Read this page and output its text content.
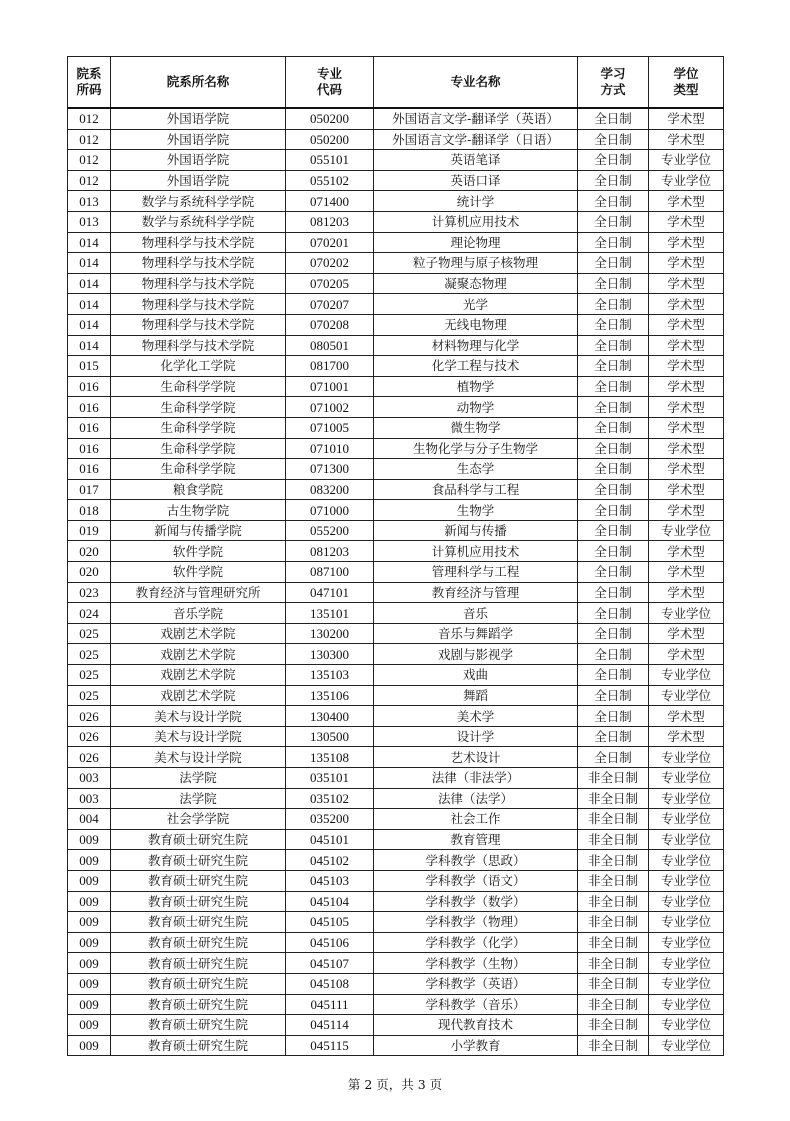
院系所码	院系所名称	专业代码	专业名称	学习方式	学位类型
012	外国语学院	050200	外国语言文学-翻译学（英语）	全日制	学术型
012	外国语学院	050200	外国语言文学-翻译学（日语）	全日制	学术型
012	外国语学院	055101	英语笔译	全日制	专业学位
012	外国语学院	055102	英语口译	全日制	专业学位
013	数学与系统科学学院	071400	统计学	全日制	学术型
013	数学与系统科学学院	081203	计算机应用技术	全日制	学术型
014	物理科学与技术学院	070201	理论物理	全日制	学术型
014	物理科学与技术学院	070202	粒子物理与原子核物理	全日制	学术型
014	物理科学与技术学院	070205	凝聚态物理	全日制	学术型
014	物理科学与技术学院	070207	光学	全日制	学术型
014	物理科学与技术学院	070208	无线电物理	全日制	学术型
014	物理科学与技术学院	080501	材料物理与化学	全日制	学术型
015	化学化工学院	081700	化学工程与技术	全日制	学术型
016	生命科学学院	071001	植物学	全日制	学术型
016	生命科学学院	071002	动物学	全日制	学术型
016	生命科学学院	071005	微生物学	全日制	学术型
016	生命科学学院	071010	生物化学与分子生物学	全日制	学术型
016	生命科学学院	071300	生态学	全日制	学术型
017	粮食学院	083200	食品科学与工程	全日制	学术型
018	古生物学院	071000	生物学	全日制	学术型
019	新闻与传播学院	055200	新闻与传播	全日制	专业学位
020	软件学院	081203	计算机应用技术	全日制	学术型
020	软件学院	087100	管理科学与工程	全日制	学术型
023	教育经济与管理研究所	047101	教育经济与管理	全日制	学术型
024	音乐学院	135101	音乐	全日制	专业学位
025	戏剧艺术学院	130200	音乐与舞蹈学	全日制	学术型
025	戏剧艺术学院	130300	戏剧与影视学	全日制	学术型
025	戏剧艺术学院	135103	戏曲	全日制	专业学位
025	戏剧艺术学院	135106	舞蹈	全日制	专业学位
026	美术与设计学院	130400	美术学	全日制	学术型
026	美术与设计学院	130500	设计学	全日制	学术型
026	美术与设计学院	135108	艺术设计	全日制	专业学位
003	法学院	035101	法律（非法学）	非全日制	专业学位
003	法学院	035102	法律（法学）	非全日制	专业学位
004	社会学学院	035200	社会工作	非全日制	专业学位
009	教育硕士研究生院	045101	教育管理	非全日制	专业学位
009	教育硕士研究生院	045102	学科教学（思政）	非全日制	专业学位
009	教育硕士研究生院	045103	学科教学（语文）	非全日制	专业学位
009	教育硕士研究生院	045104	学科教学（数学）	非全日制	专业学位
009	教育硕士研究生院	045105	学科教学（物理）	非全日制	专业学位
009	教育硕士研究生院	045106	学科教学（化学）	非全日制	专业学位
009	教育硕士研究生院	045107	学科教学（生物）	非全日制	专业学位
009	教育硕士研究生院	045108	学科教学（英语）	非全日制	专业学位
009	教育硕士研究生院	045111	学科教学（音乐）	非全日制	专业学位
009	教育硕士研究生院	045114	现代教育技术	非全日制	专业学位
009	教育硕士研究生院	045115	小学教育	非全日制	专业学位
第 2 页，共 3 页
